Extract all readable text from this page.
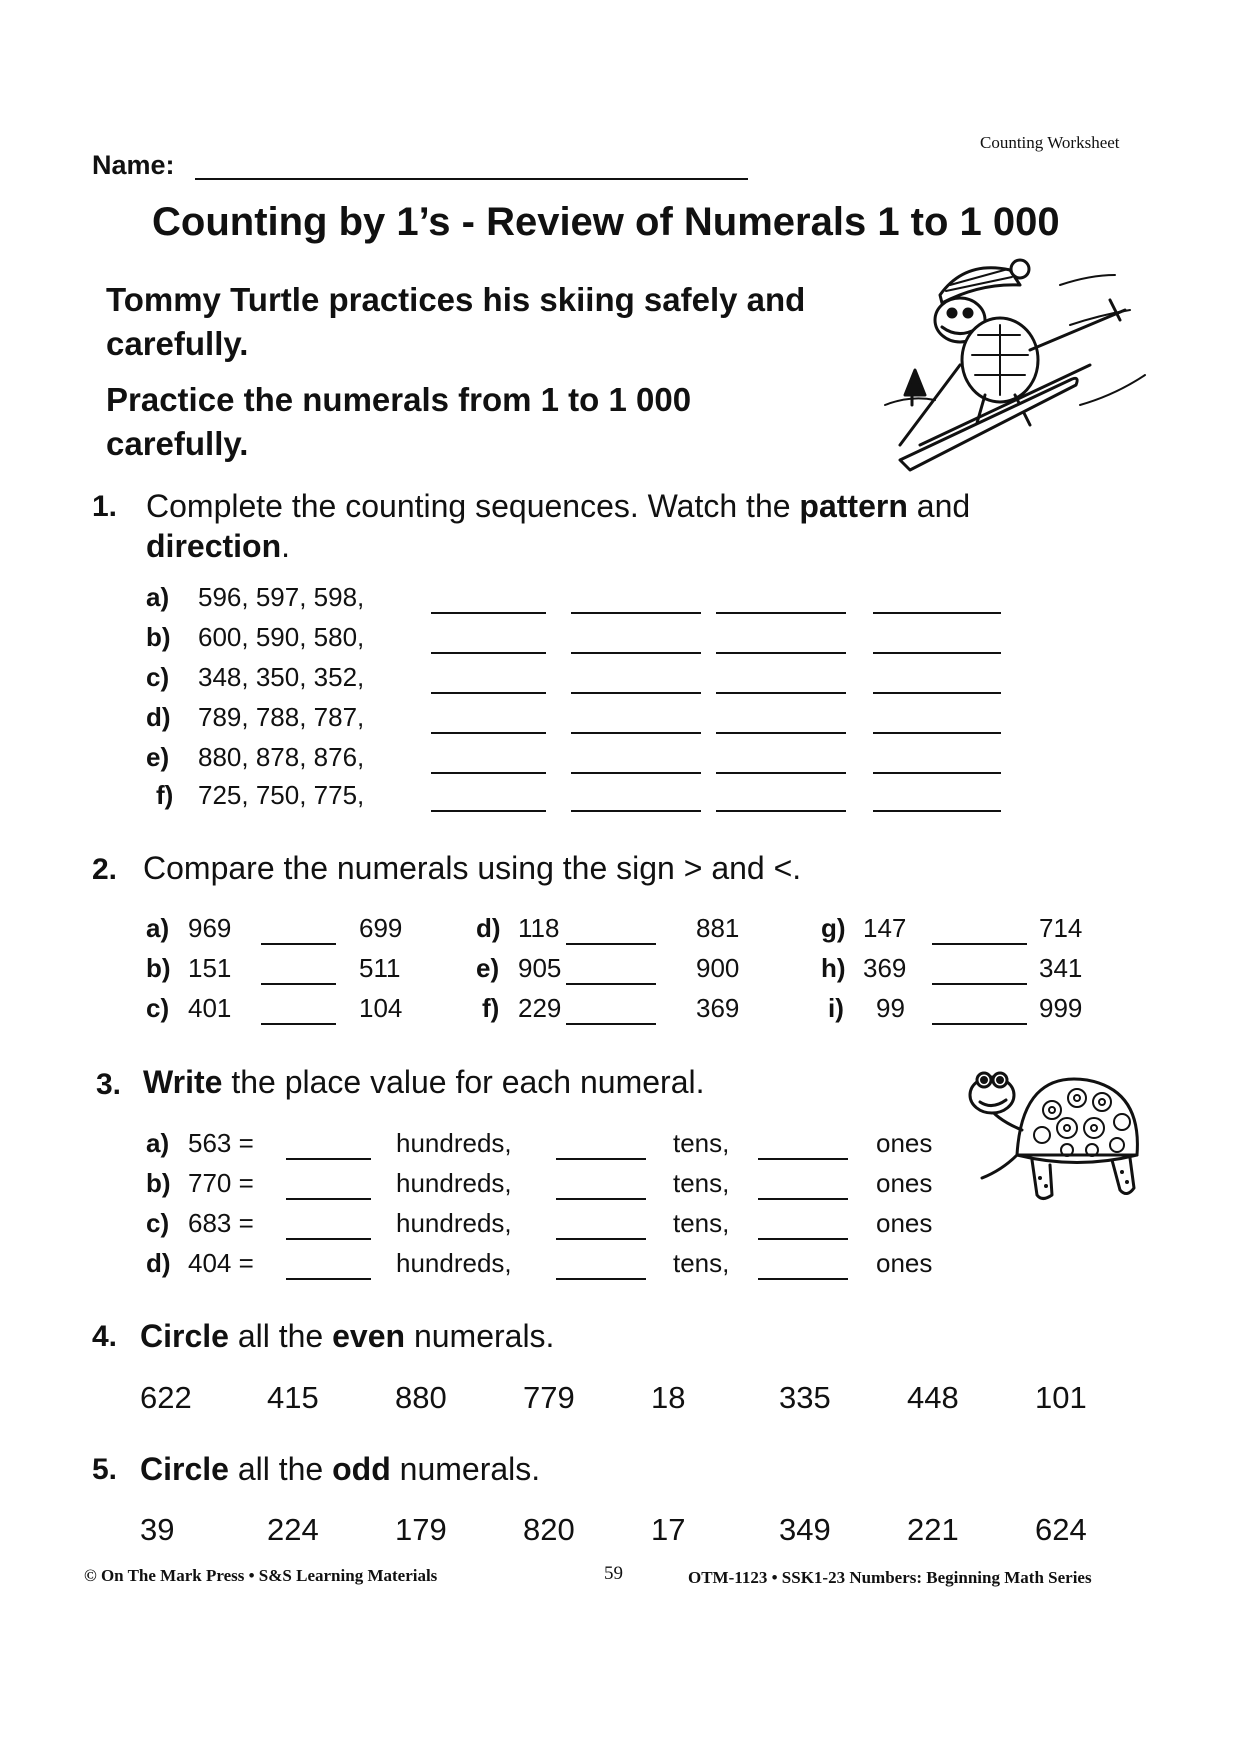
Counting Worksheet
Name:
Counting by 1’s - Review of Numerals 1 to 1 000
Tommy Turtle practices his skiing safely and
carefully.
Practice the numerals from 1 to 1 000
carefully.
1. Complete the counting sequences. Watch the pattern and
direction.
a) 596, 597, 598,
b) 600, 590, 580,
c) 348, 350, 352,
d) 789, 788, 787,
e) 880, 878, 876,
f) 725, 750, 775,
2. Compare the numerals using the sign > and <.
a) 969	699
b) 151	511
c) 401	104
d) 118	881
e) 905	900
f) 229	369
g) 147	714
h) 369	341
i) 99	999
3. Write the place value for each numeral.
a) 563 =	hundreds,	tens,	ones
b) 770 =	hundreds,	tens,	ones
c) 683 =	hundreds,	tens,	ones
d) 404 =	hundreds,	tens,	ones
4. Circle all the even numerals.
622 415 880 779 18	335 448 101
5. Circle all the odd numerals.
39	224 179 820 17	349 221 624
© On The Mark Press • S&S Learning Materials	59	OTM-1123 • SSK1-23 Numbers: Beginning Math Series
